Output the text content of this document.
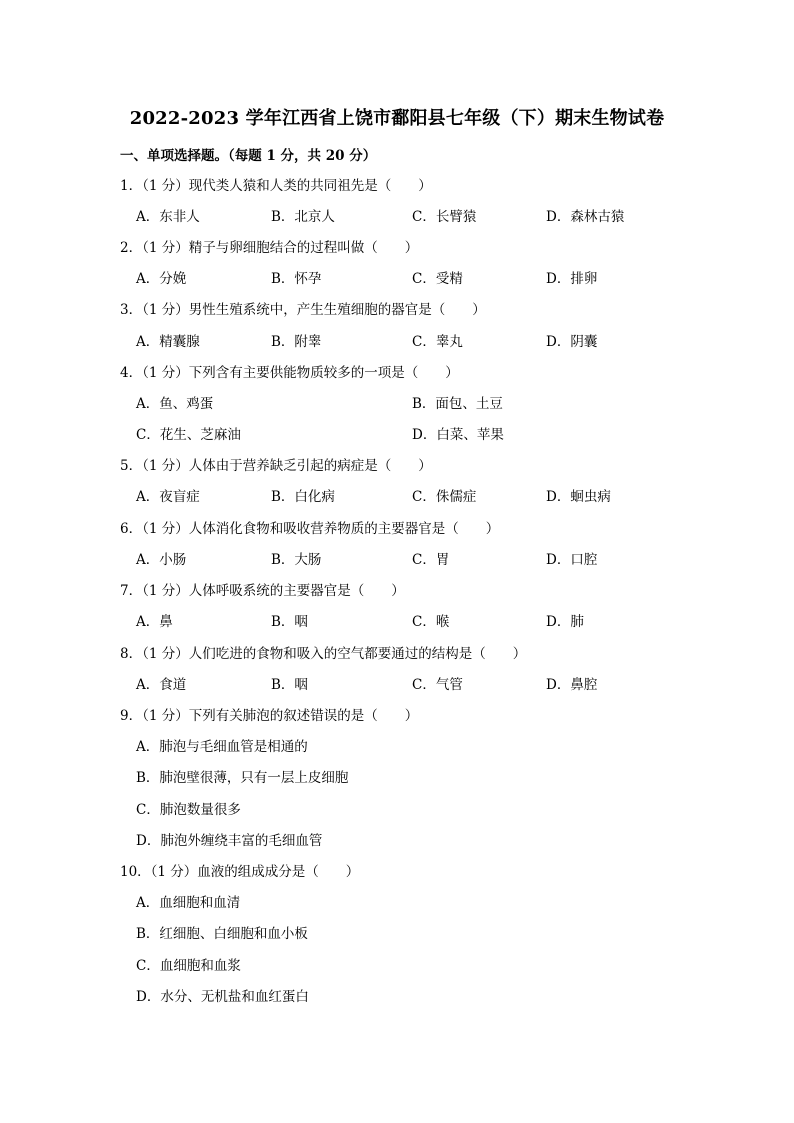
2022-2023 学年江西省上饶市鄱阳县七年级（下）期末生物试卷
一、单项选择题。（每题 1 分，共 20 分）
1．（1 分）现代类人猿和人类的共同祖先是（　　）
A．东非人	B．北京人	C．长臂猿	D．森林古猿
2．（1 分）精子与卵细胞结合的过程叫做（　　）
A．分娩	B．怀孕	C．受精	D．排卵
3．（1 分）男性生殖系统中，产生生殖细胞的器官是（　　）
A．精囊腺	B．附睾	C．睾丸	D．阴囊
4．（1 分）下列含有主要供能物质较多的一项是（　　）
A．鱼、鸡蛋	B．面包、土豆
C．花生、芝麻油	D．白菜、苹果
5．（1 分）人体由于营养缺乏引起的病症是（　　）
A．夜盲症	B．白化病	C．侏儒症	D．蛔虫病
6．（1 分）人体消化食物和吸收营养物质的主要器官是（　　）
A．小肠	B．大肠	C．胃	D．口腔
7．（1 分）人体呼吸系统的主要器官是（　　）
A．鼻	B．咽	C．喉	D．肺
8．（1 分）人们吃进的食物和吸入的空气都要通过的结构是（　　）
A．食道	B．咽	C．气管	D．鼻腔
9．（1 分）下列有关肺泡的叙述错误的是（　　）
A．肺泡与毛细血管是相通的
B．肺泡壁很薄，只有一层上皮细胞
C．肺泡数量很多
D．肺泡外缠绕丰富的毛细血管
10．（1 分）血液的组成成分是（　　）
A．血细胞和血清
B．红细胞、白细胞和血小板
C．血细胞和血浆
D．水分、无机盐和血红蛋白
